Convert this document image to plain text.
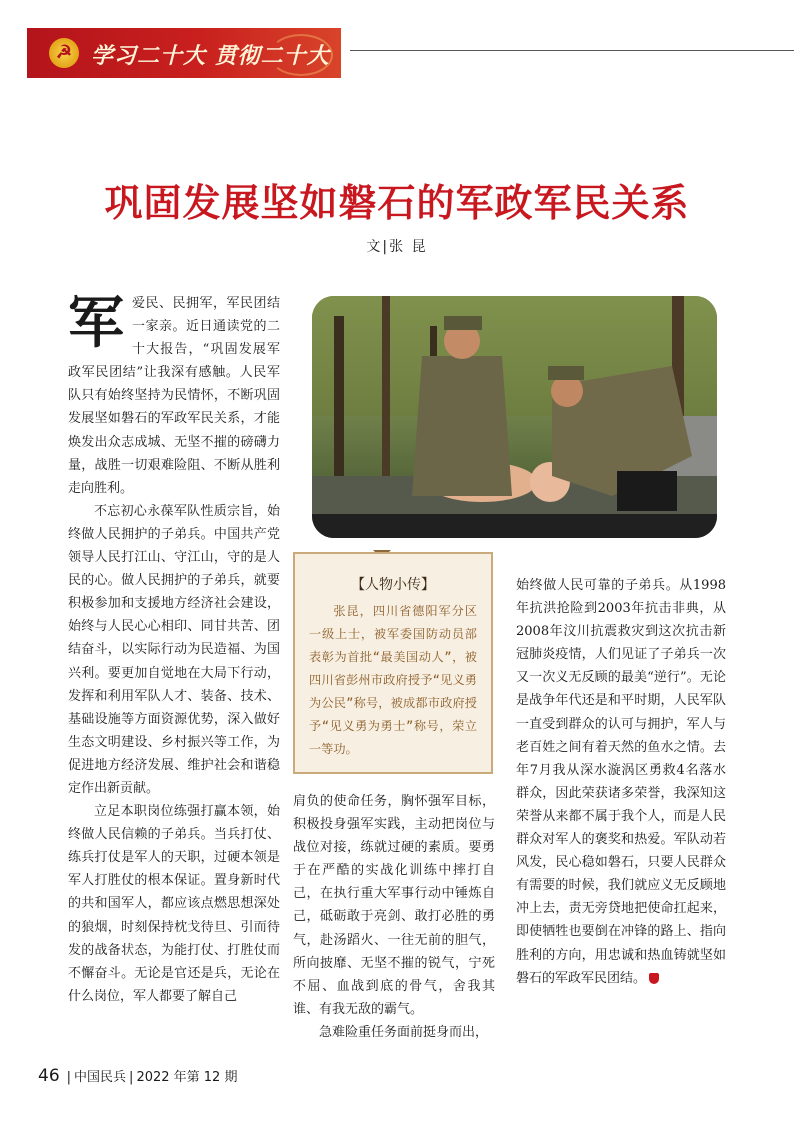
☭ 学习二十大 贯彻二十大
巩固发展坚如磐石的军政军民关系
文|张 昆

军爱民、民拥军，军民团结一家亲。近日通读党的二十大报告，“巩固发展军政军民团结”让我深有感触。人民军队只有始终坚持为民情怀，不断巩固发展坚如磐石的军政军民关系，才能焕发出众志成城、无坚不摧的磅礴力量，战胜一切艰难险阻、不断从胜利走向胜利。

不忘初心永葆军队性质宗旨，始终做人民拥护的子弟兵。中国共产党领导人民打江山、守江山，守的是人民的心。做人民拥护的子弟兵，就要积极参加和支援地方经济社会建设，始终与人民心心相印、同甘共苦、团结奋斗，以实际行动为民造福、为国兴利。要更加自觉地在大局下行动，发挥和利用军队人才、装备、技术、基础设施等方面资源优势，深入做好生态文明建设、乡村振兴等工作，为促进地方经济发展、维护社会和谐稳定作出新贡献。

立足本职岗位练强打赢本领，始终做人民信赖的子弟兵。当兵打仗、练兵打仗是军人的天职，过硬本领是军人打胜仗的根本保证。置身新时代的共和国军人，都应该点燃思想深处的狼烟，时刻保持枕戈待旦、引而待发的战备状态，为能打仗、打胜仗而不懈奋斗。无论是官还是兵，无论在什么岗位，军人都要了解自己

【人物小传】
张昆，四川省德阳军分区一级上士，被军委国防动员部表彰为首批“最美国动人”，被四川省彭州市政府授予“见义勇为公民”称号，被成都市政府授予“见义勇为勇士”称号，荣立一等功。

肩负的使命任务，胸怀强军目标，积极投身强军实践，主动把岗位与战位对接，练就过硬的素质。要勇于在严酷的实战化训练中摔打自己，在执行重大军事行动中锤炼自己，砥砺敢于亮剑、敢打必胜的勇气，赴汤蹈火、一往无前的胆气，所向披靡、无坚不摧的锐气，宁死不屈、血战到底的骨气，舍我其谁、有我无敌的霸气。

急难险重任务面前挺身而出，

始终做人民可靠的子弟兵。从1998年抗洪抢险到2003年抗击非典，从2008年汶川抗震救灾到这次抗击新冠肺炎疫情，人们见证了子弟兵一次又一次义无反顾的最美“逆行”。无论是战争年代还是和平时期，人民军队一直受到群众的认可与拥护，军人与老百姓之间有着天然的鱼水之情。去年7月我从深水漩涡区勇救4名落水群众，因此荣获诸多荣誉，我深知这荣誉从来都不属于我个人，而是人民群众对军人的褒奖和热爱。军队动若风发，民心稳如磐石，只要人民群众有需要的时候，我们就应义无反顾地冲上去，责无旁贷地把使命扛起来，即使牺牲也要倒在冲锋的路上、指向胜利的方向，用忠诚和热血铸就坚如磐石的军政军民团结。

46 | 中国民兵 | 2022 年第 12 期
